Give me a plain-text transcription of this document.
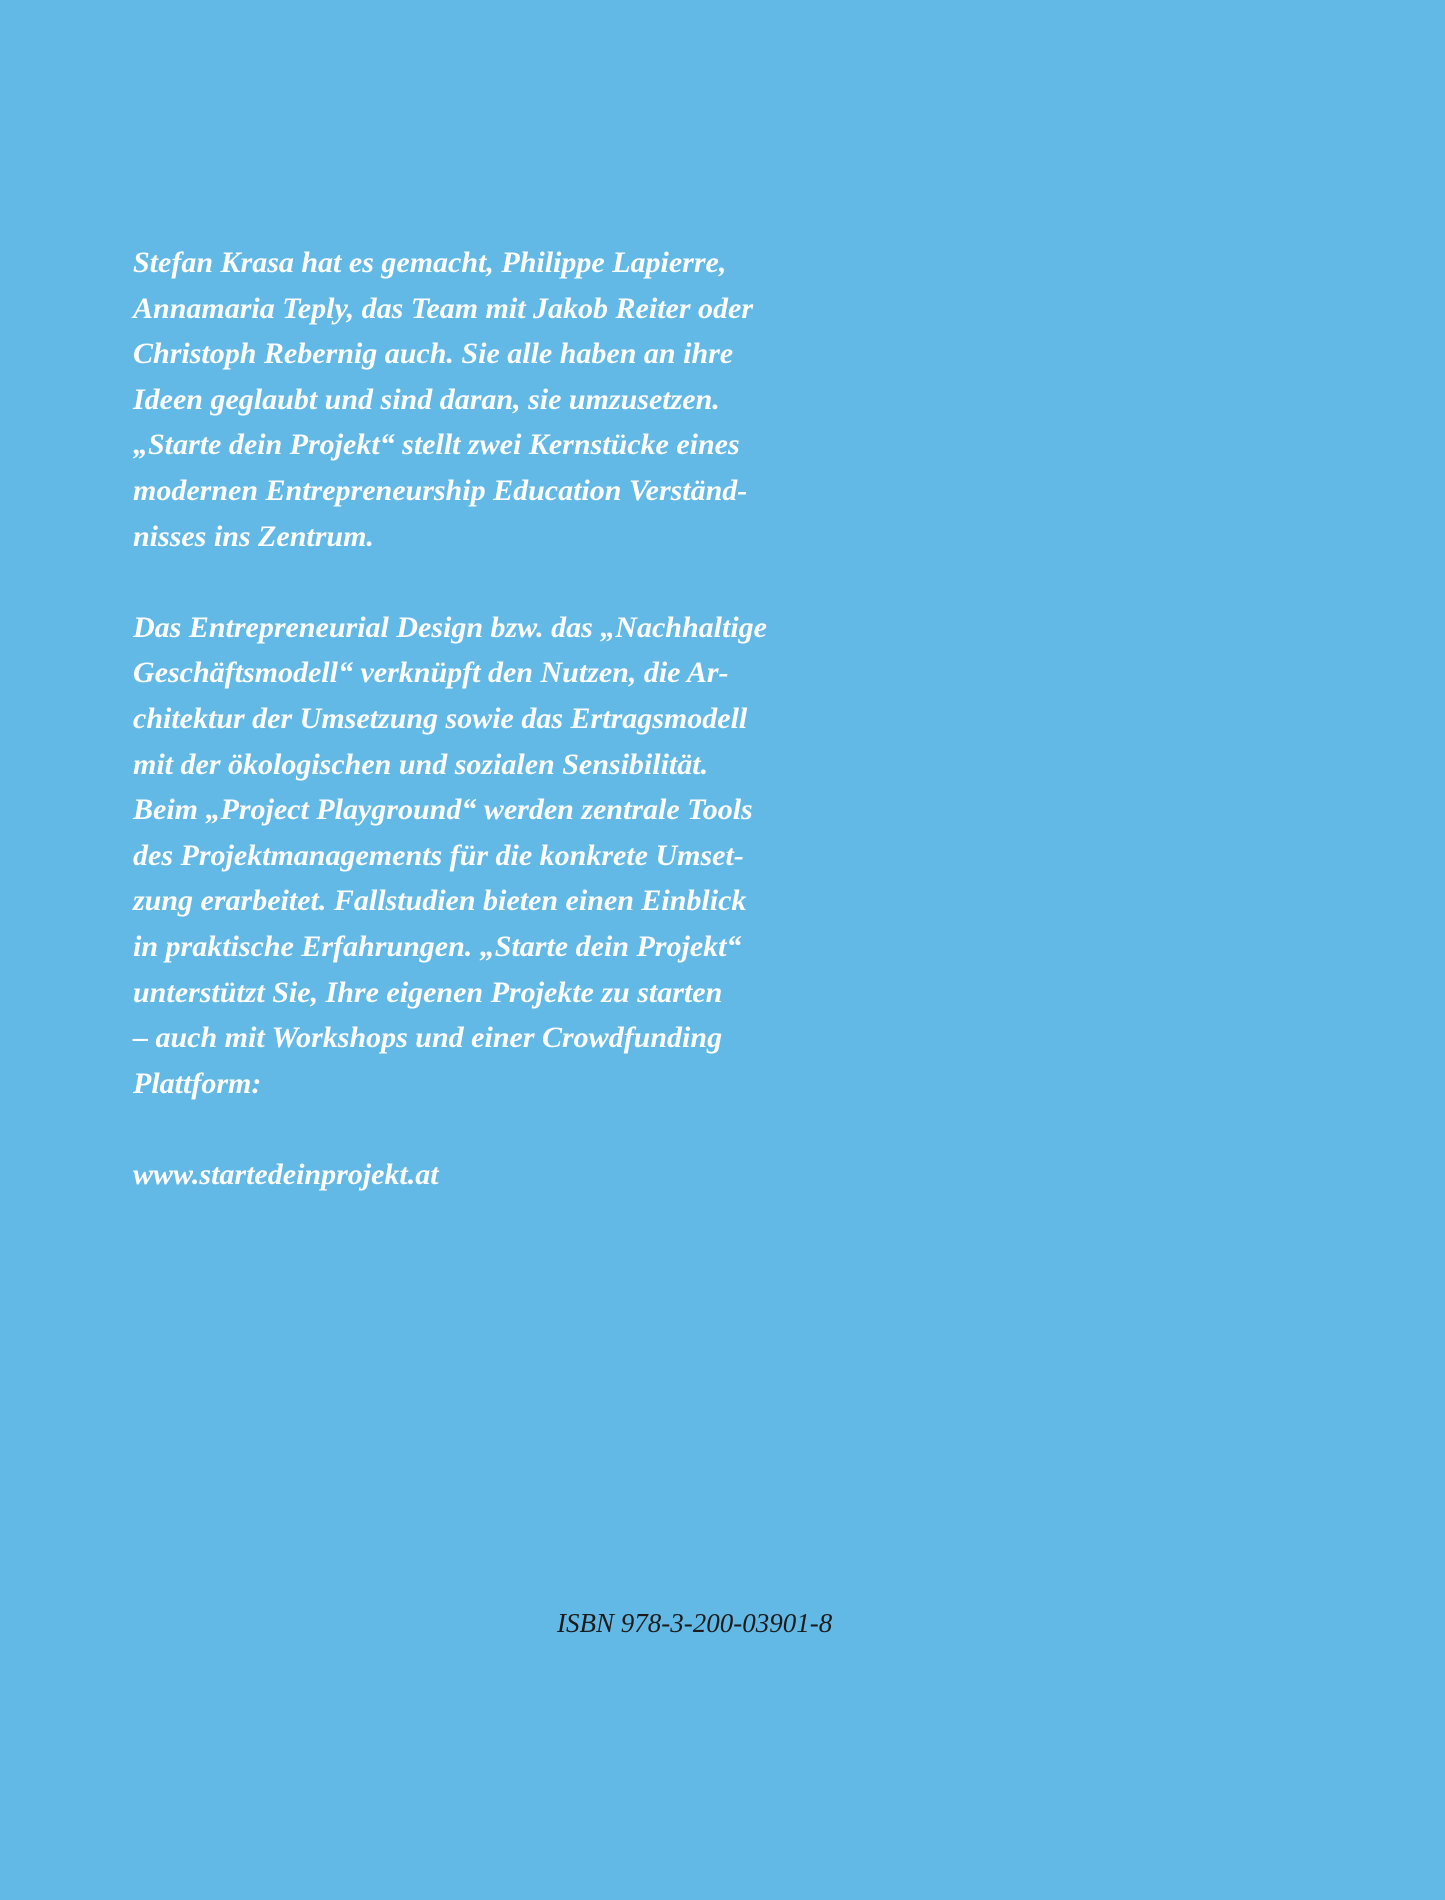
Stefan Krasa hat es gemacht, Philippe Lapierre,
Annamaria Teply, das Team mit Jakob Reiter oder
Christoph Rebernig auch. Sie alle haben an ihre
Ideen geglaubt und sind daran, sie umzusetzen.
„Starte dein Projekt“ stellt zwei Kernstücke eines
modernen Entrepreneurship Education Verständ-
nisses ins Zentrum.

Das Entrepreneurial Design bzw. das „Nachhaltige
Geschäftsmodell“ verknüpft den Nutzen, die Ar-
chitektur der Umsetzung sowie das Ertragsmodell
mit der ökologischen und sozialen Sensibilität.
Beim „Project Playground“ werden zentrale Tools
des Projektmanagements für die konkrete Umset-
zung erarbeitet. Fallstudien bieten einen Einblick
in praktische Erfahrungen. „Starte dein Projekt“
unterstützt Sie, Ihre eigenen Projekte zu starten
– auch mit Workshops und einer Crowdfunding
Plattform:

www.startedeinprojekt.at

ISBN 978-3-200-03901-8
